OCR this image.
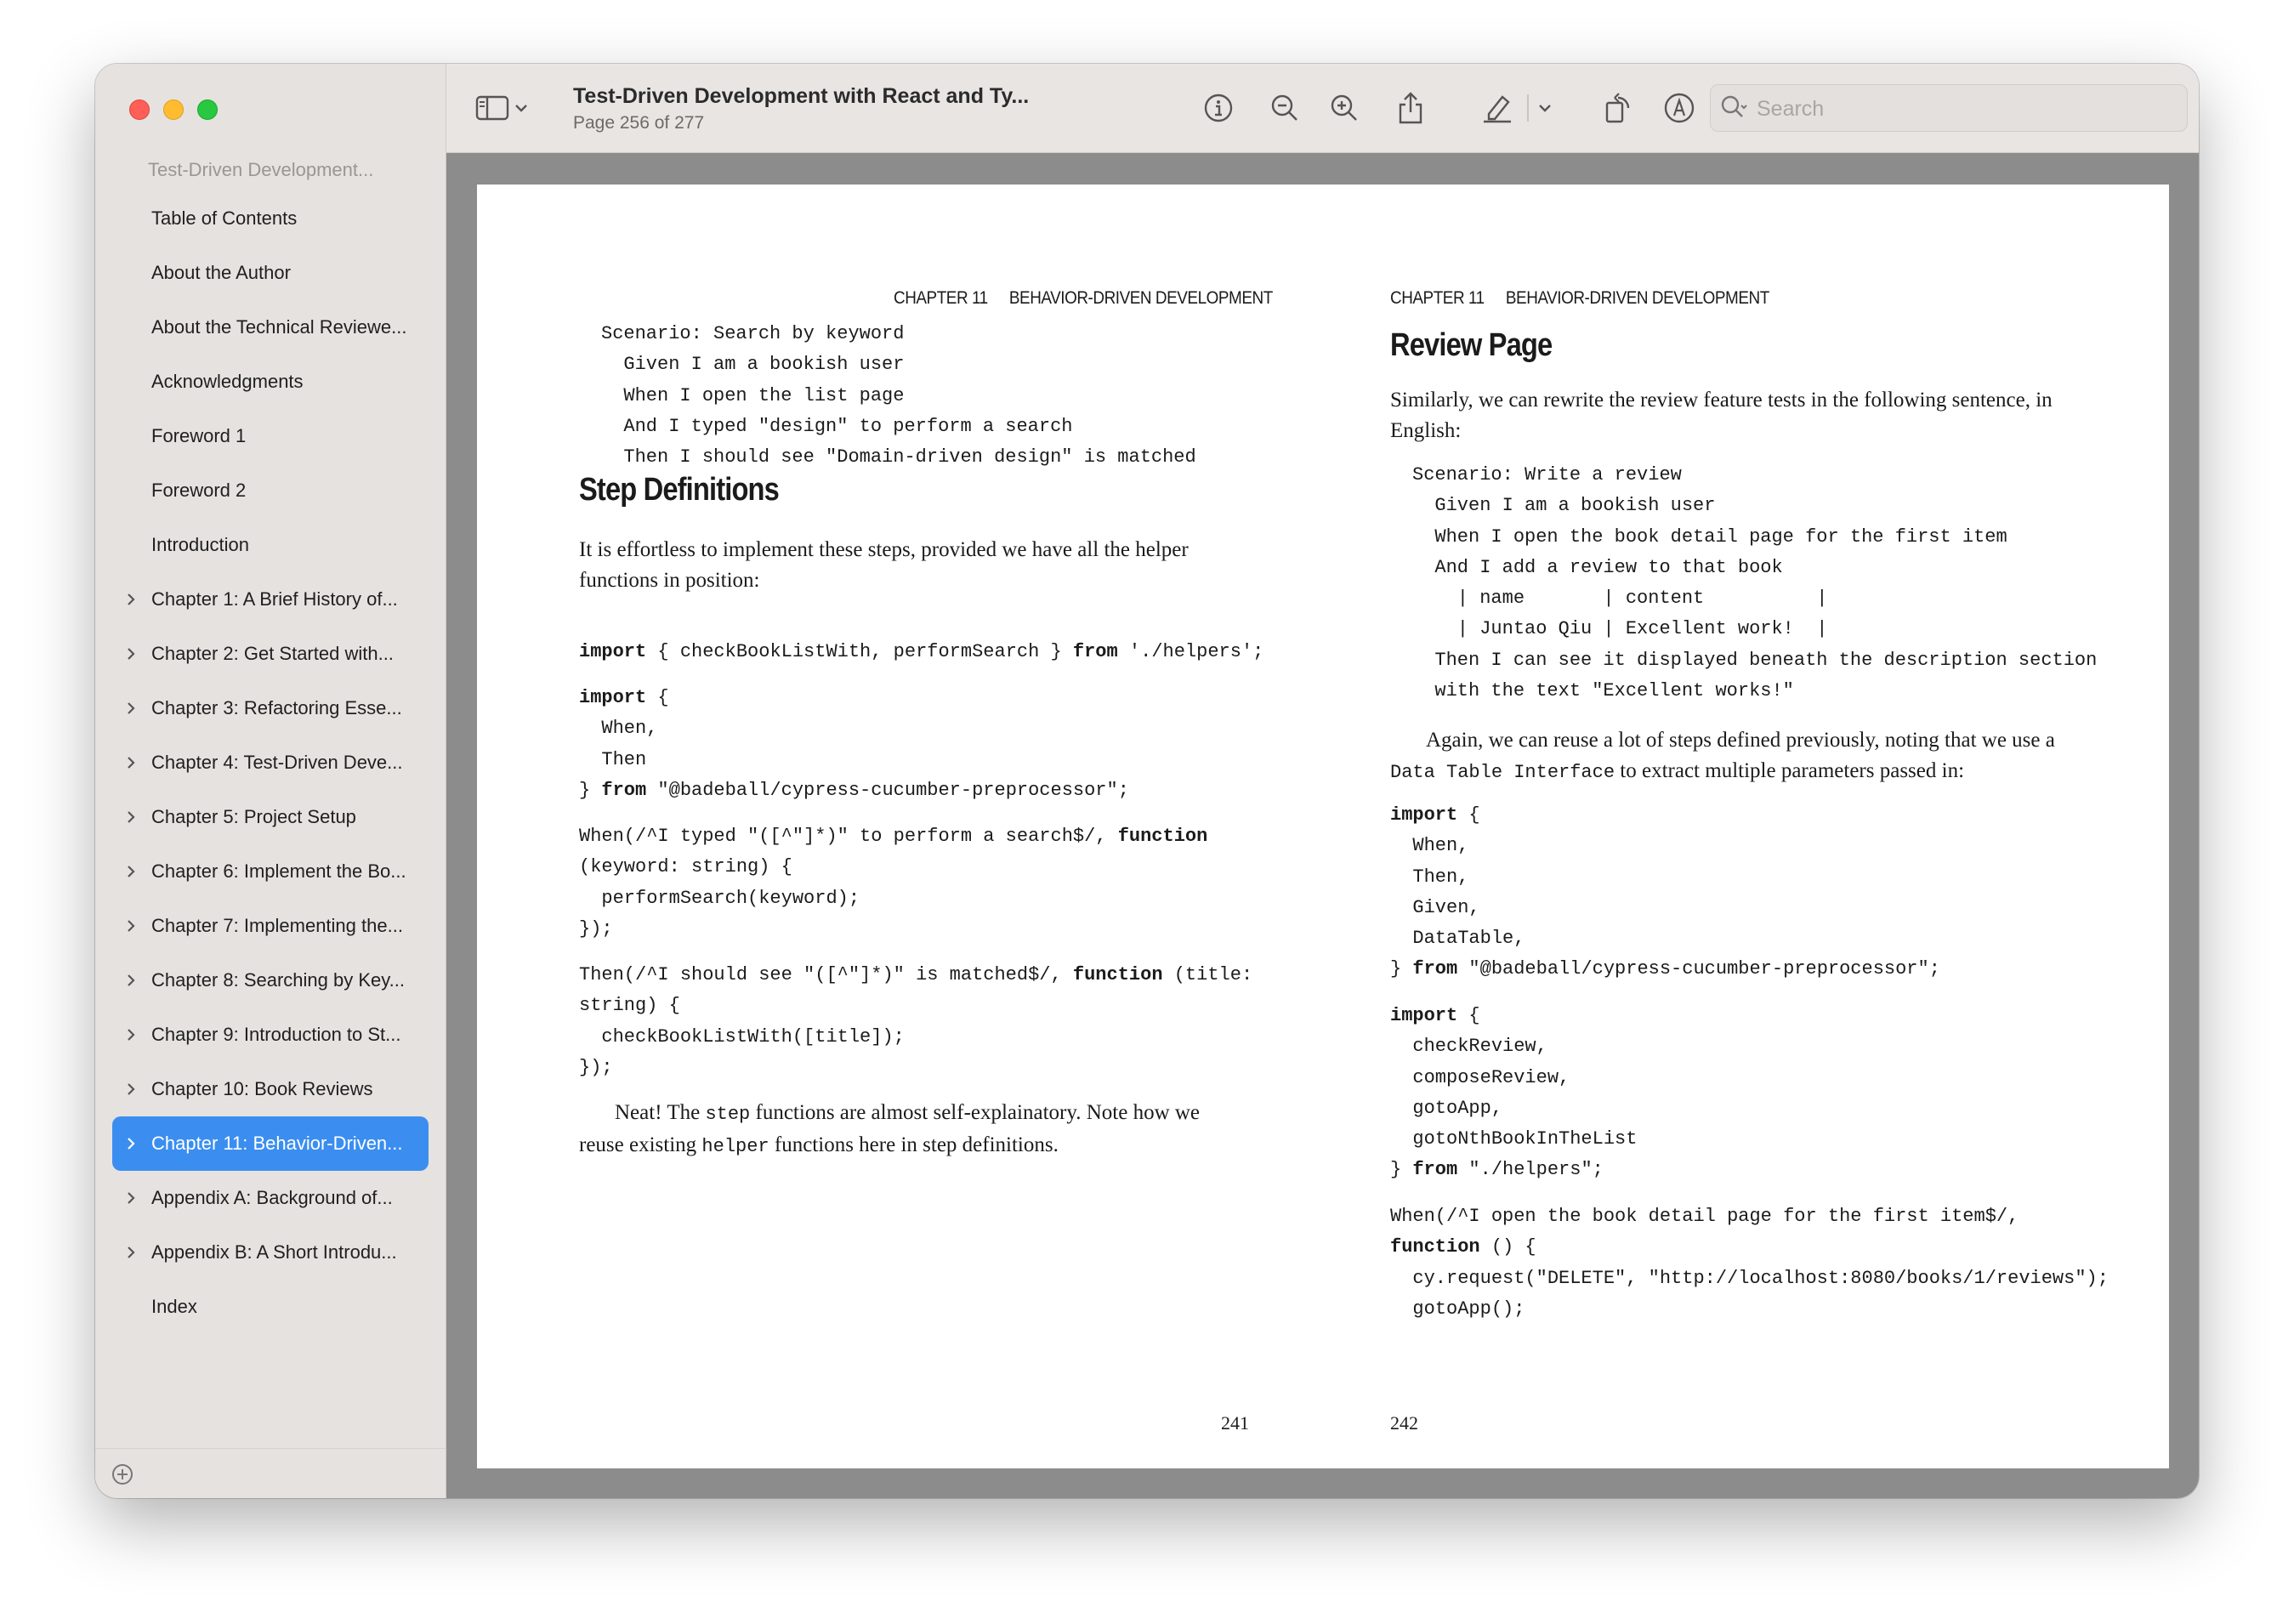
Test-Driven Development...
Table of Contents
About the Author
About the Technical Reviewe...
Acknowledgments
Foreword 1
Foreword 2
Introduction
Chapter 1: A Brief History of...
Chapter 2: Get Started with...
Chapter 3: Refactoring Esse...
Chapter 4: Test-Driven Deve...
Chapter 5: Project Setup
Chapter 6: Implement the Bo...
Chapter 7: Implementing the...
Chapter 8: Searching by Key...
Chapter 9: Introduction to St...
Chapter 10: Book Reviews
Chapter 11: Behavior-Driven...
Appendix A: Background of...
Appendix B: A Short Introdu...
Index
Test-Driven Development with React and Ty...
Page 256 of 277
Search
CHAPTER 11 BEHAVIOR-DRIVEN DEVELOPMENT
Scenario: Search by keyword
Given I am a bookish user
When I open the list page
And I typed "design" to perform a search
Then I should see "Domain-driven design" is matched
Step Definitions
It is effortless to implement these steps, provided we have all the helper functions in position:
import { checkBookListWith, performSearch } from './helpers';
import {
When,
Then
} from "@badeball/cypress-cucumber-preprocessor";
When(/^I typed "([^"]*)" to perform a search$/, function
(keyword: string) {
performSearch(keyword);
});
Then(/^I should see "([^"]*)" is matched$/, function (title:
string) {
checkBookListWith([title]);
});
Neat! The step functions are almost self-explainatory. Note how we reuse existing helper functions here in step definitions.
241
CHAPTER 11 BEHAVIOR-DRIVEN DEVELOPMENT
Review Page
Similarly, we can rewrite the review feature tests in the following sentence, in English:
Scenario: Write a review
Given I am a bookish user
When I open the book detail page for the first item
And I add a review to that book
| name       | content          |
| Juntao Qiu | Excellent work!  |
Then I can see it displayed beneath the description section
with the text "Excellent works!"
Again, we can reuse a lot of steps defined previously, noting that we use a Data Table Interface to extract multiple parameters passed in:
import {
When,
Then,
Given,
DataTable,
} from "@badeball/cypress-cucumber-preprocessor";
import {
checkReview,
composeReview,
gotoApp,
gotoNthBookInTheList
} from "./helpers";
When(/^I open the book detail page for the first item$/,
function () {
cy.request("DELETE", "http://localhost:8080/books/1/reviews");
gotoApp();
242
